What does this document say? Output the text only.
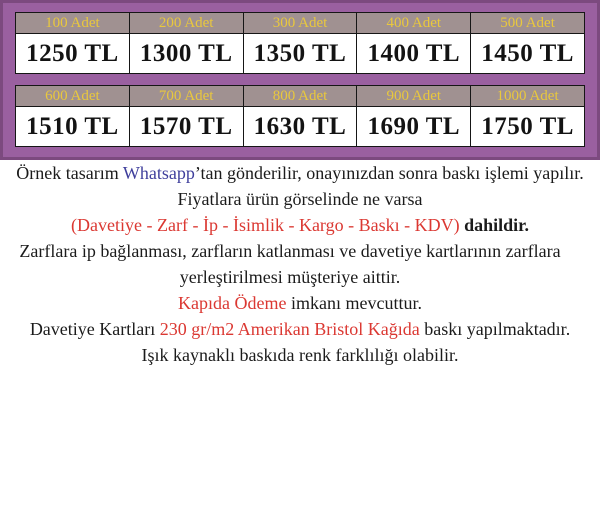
100 Adet	200 Adet	300 Adet	400 Adet	500 Adet
1250 TL	1300 TL	1350 TL	1400 TL	1450 TL
600 Adet	700 Adet	800 Adet	900 Adet	1000 Adet
1510 TL	1570 TL	1630 TL	1690 TL	1750 TL

Örnek tasarım Whatsapp’tan gönderilir, onayınızdan sonra baskı işlemi yapılır.

Fiyatlara ürün görselinde ne varsa

(Davetiye - Zarf - İp - İsimlik - Kargo - Baskı - KDV) dahildir.

Zarflara ip bağlanması, zarfların katlanması ve davetiye kartlarının zarflara yerleştirilmesi müşteriye aittir.

Kapıda Ödeme imkanı mevcuttur.

Davetiye Kartları 230 gr/m2 Amerikan Bristol Kağıda baskı yapılmaktadır.

Işık kaynaklı baskıda renk farklılığı olabilir.
